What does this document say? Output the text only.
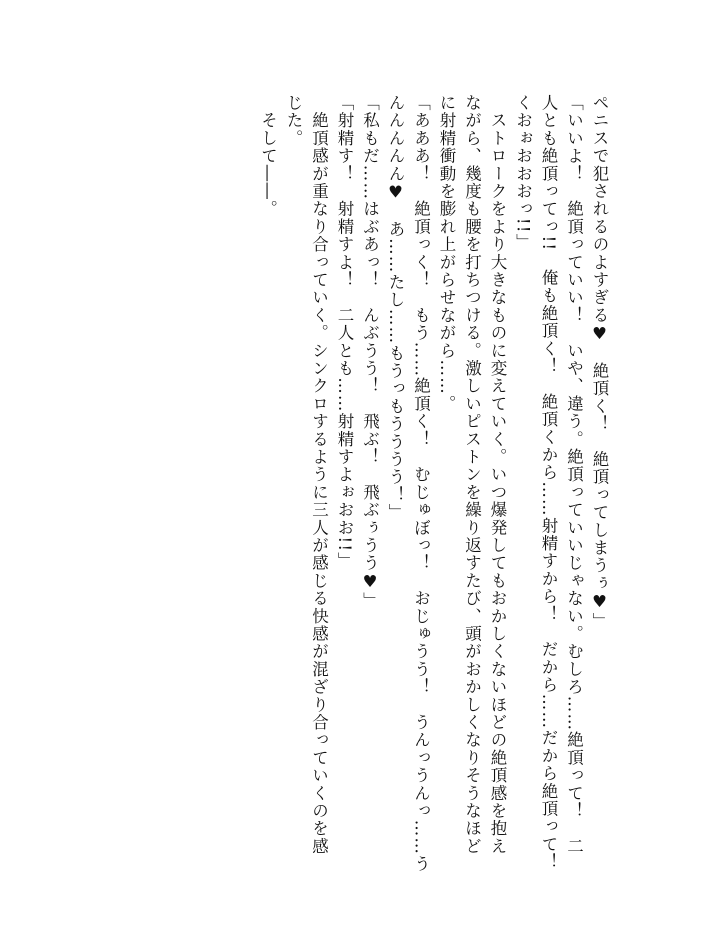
ペニスで犯されるのよすぎる♥　絶頂く！　絶頂ってしまうぅ♥」
「いいよ！　絶頂っていい！　いや、違う。絶頂っていいじゃない。むしろ……絶頂って！　二
人とも絶頂ってっ!!　俺も絶頂く！　絶頂くから……射精すから！　だから……だから絶頂って！
くおぉおおおっ!!」
　ストロークをより大きなものに変えていく。いつ爆発してもおかしくないほどの絶頂感を抱え
ながら、幾度も腰を打ちつける。激しいピストンを繰り返すたび、頭がおかしくなりそうなほど
に射精衝動を膨れ上がらせながら……。
「あああ！　絶頂っく！　もう……絶頂く！　むじゅぼっ！　おじゅうう！　うんっうんっ……う
んんんんん♥　あ……たし……もうっもうううう！」
「私もだ……はぶあっ！　んぶうう！　飛ぶ！　飛ぶぅうう♥」
「射精す！　射精すよ！　二人とも……射精すよぉおお!!」
　絶頂感が重なり合っていく。シンクロするように三人が感じる快感が混ざり合っていくのを感
じた。
　そして――。
